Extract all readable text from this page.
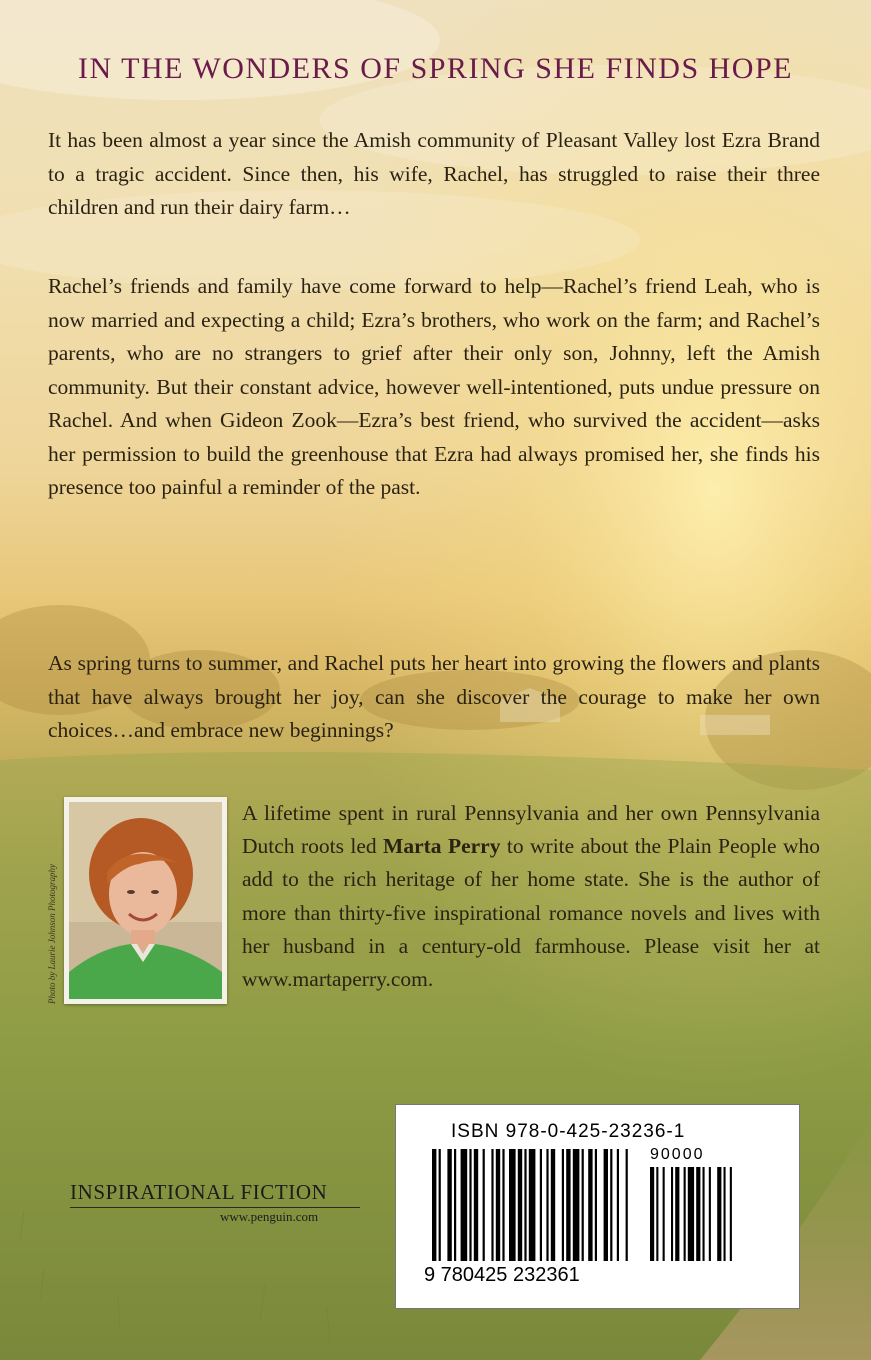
IN THE WONDERS OF SPRING SHE FINDS HOPE

It has been almost a year since the Amish community of Pleasant Valley lost Ezra Brand to a tragic accident. Since then, his wife, Rachel, has struggled to raise their three children and run their dairy farm…

Rachel’s friends and family have come forward to help—Rachel’s friend Leah, who is now married and expecting a child; Ezra’s brothers, who work on the farm; and Rachel’s parents, who are no strangers to grief after their only son, Johnny, left the Amish community. But their constant advice, however well-intentioned, puts undue pressure on Rachel. And when Gideon Zook—Ezra’s best friend, who survived the accident—asks her permission to build the greenhouse that Ezra had always promised her, she finds his presence too painful a reminder of the past.

As spring turns to summer, and Rachel puts her heart into growing the flowers and plants that have always brought her joy, can she discover the courage to make her own choices…and embrace new beginnings?

Photo by Laurie Johnson Photography

A lifetime spent in rural Pennsylvania and her own Pennsylvania Dutch roots led Marta Perry to write about the Plain People who add to the rich heritage of her home state. She is the author of more than thirty-five inspirational romance novels and lives with her husband in a century-old farmhouse. Please visit her at www.martaperry.com.

INSPIRATIONAL FICTION
www.penguin.com
ISBN 978-0-425-23236-1
90000
9 780425 232361
